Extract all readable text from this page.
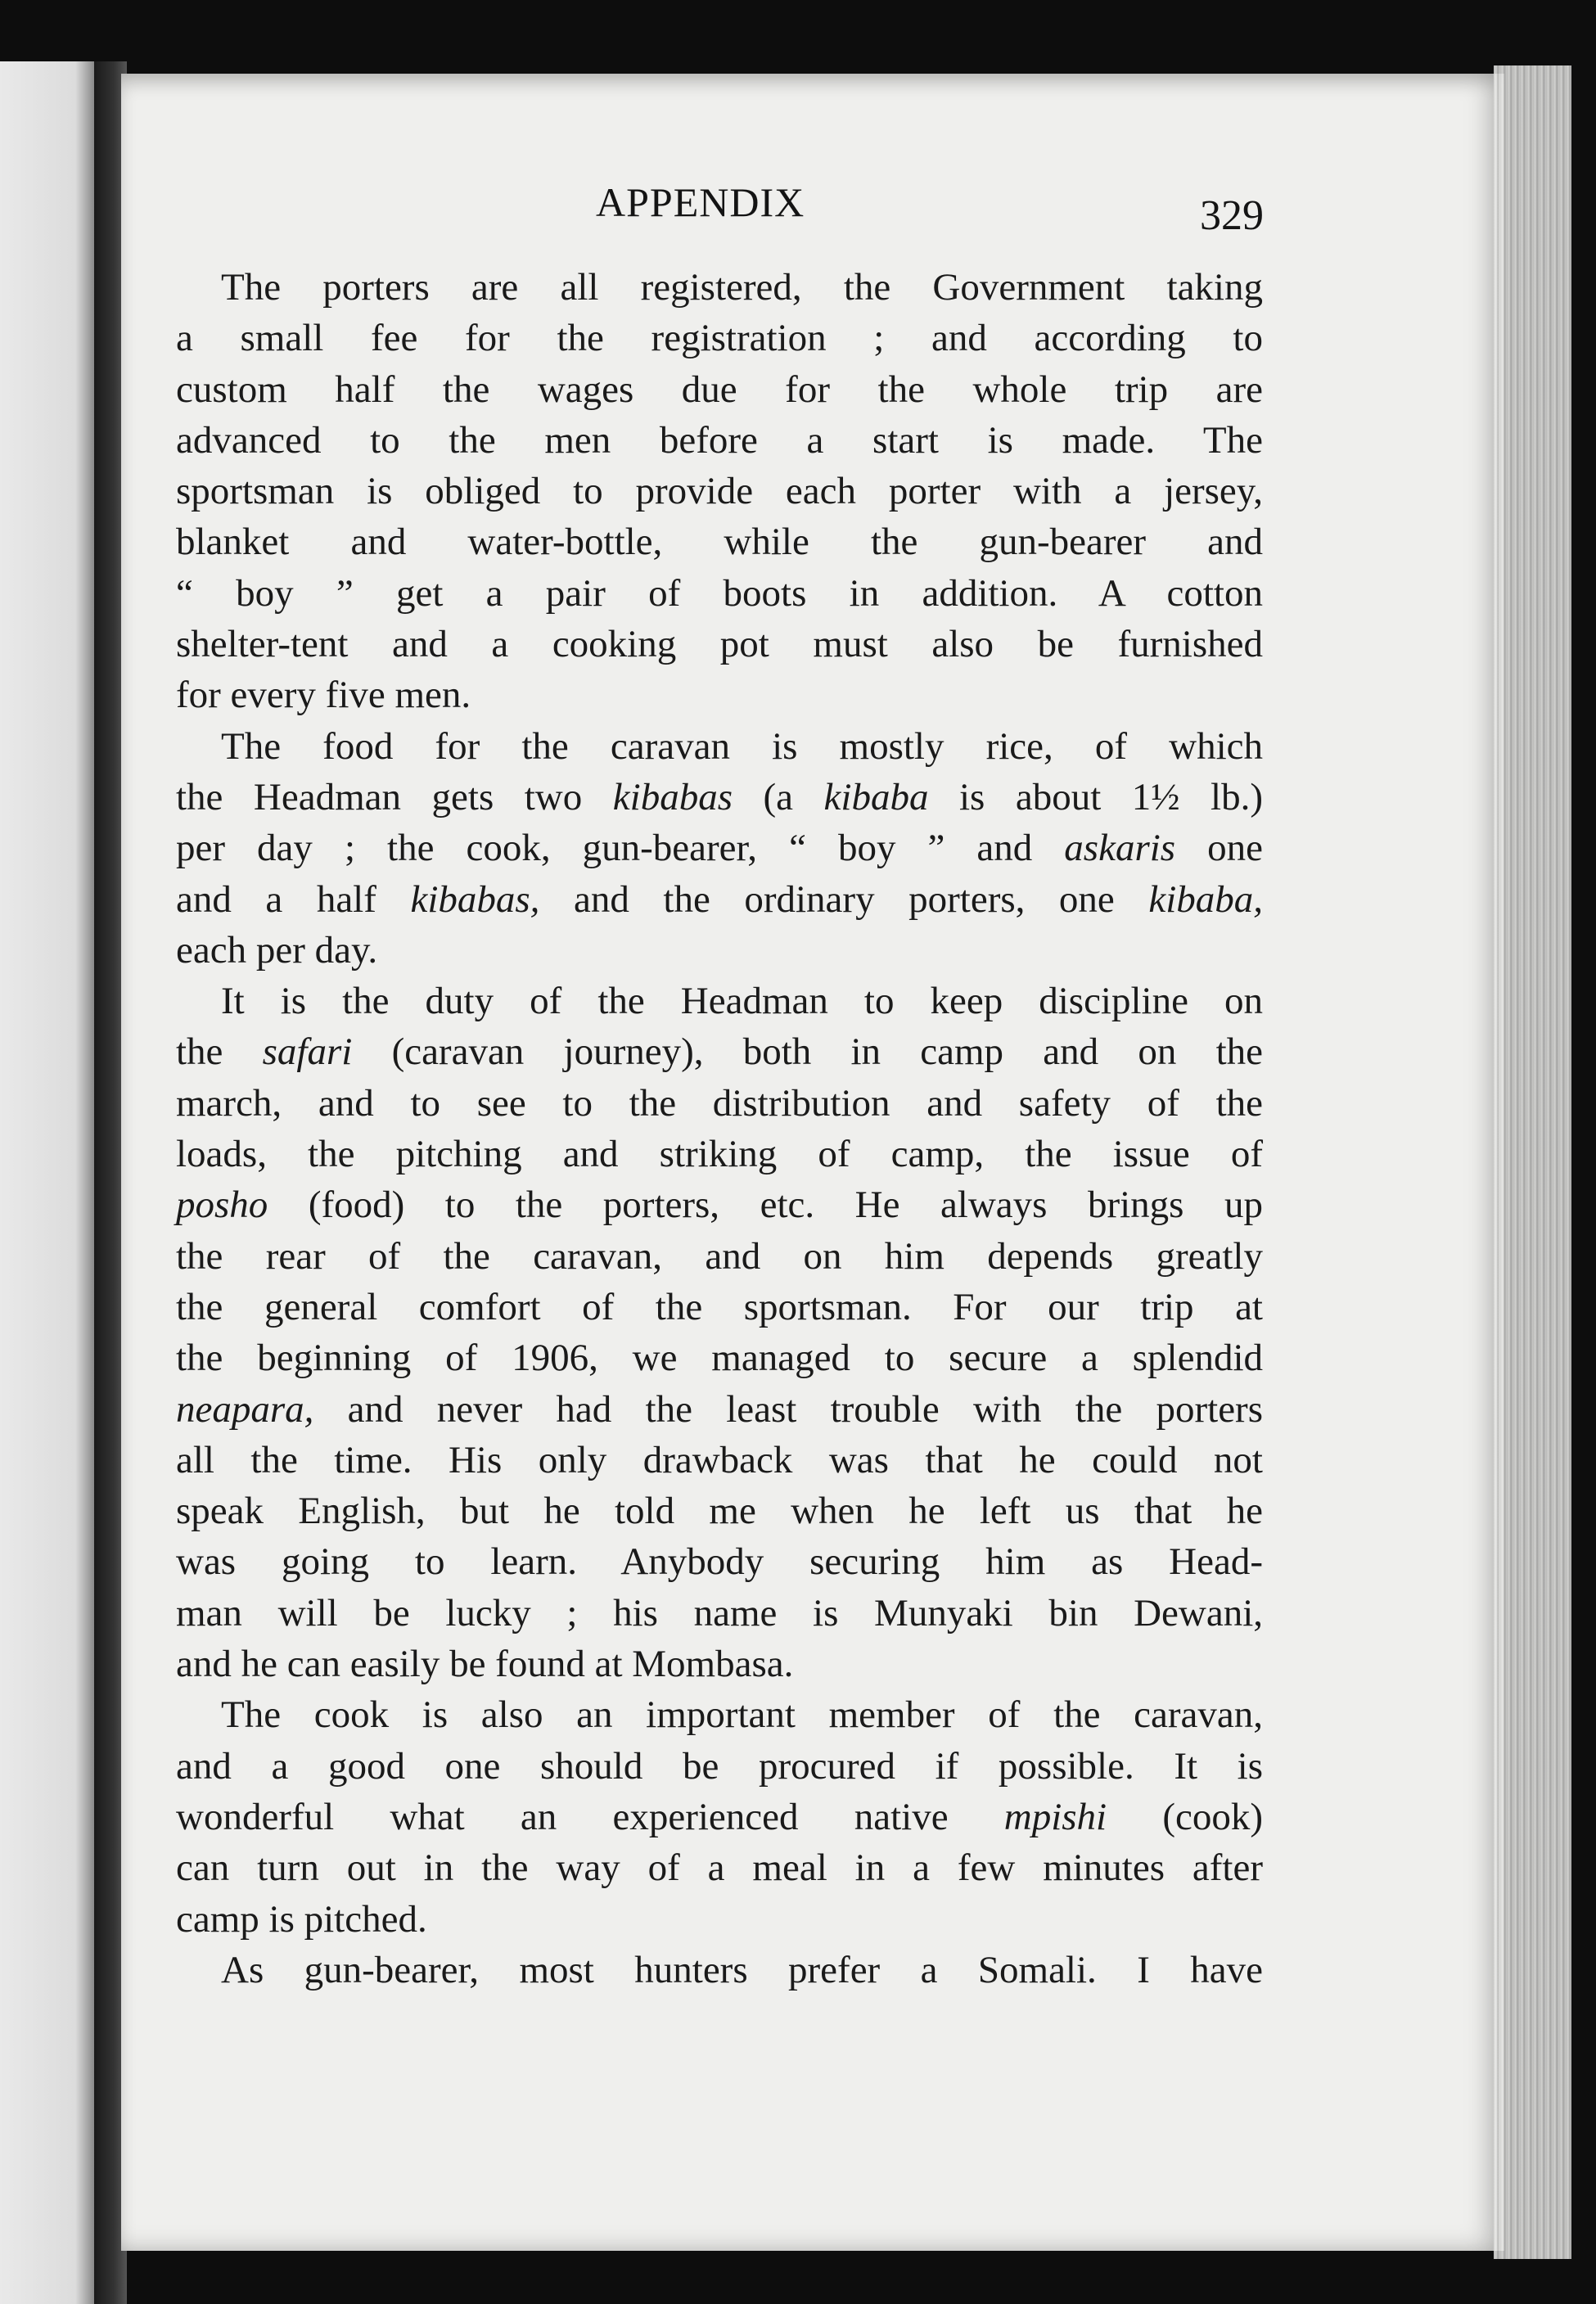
APPENDIX	329
The porters are all registered, the Government taking
a small fee for the registration ; and according to
custom half the wages due for the whole trip are
advanced to the men before a start is made. The
sportsman is obliged to provide each porter with a jersey,
blanket and water-bottle, while the gun-bearer and
“ boy ” get a pair of boots in addition. A cotton
shelter-tent and a cooking pot must also be furnished
for every five men.
The food for the caravan is mostly rice, of which
the Headman gets two kibabas (a kibaba is about 1½ lb.)
per day ; the cook, gun-bearer, “ boy ” and askaris one
and a half kibabas, and the ordinary porters, one kibaba,
each per day.
It is the duty of the Headman to keep discipline on
the safari (caravan journey), both in camp and on the
march, and to see to the distribution and safety of the
loads, the pitching and striking of camp, the issue of
posho (food) to the porters, etc. He always brings up
the rear of the caravan, and on him depends greatly
the general comfort of the sportsman. For our trip at
the beginning of 1906, we managed to secure a splendid
neapara, and never had the least trouble with the porters
all the time. His only drawback was that he could not
speak English, but he told me when he left us that he
was going to learn. Anybody securing him as Head-
man will be lucky ; his name is Munyaki bin Dewani,
and he can easily be found at Mombasa.
The cook is also an important member of the caravan,
and a good one should be procured if possible. It is
wonderful what an experienced native mpishi (cook)
can turn out in the way of a meal in a few minutes after
camp is pitched.
As gun-bearer, most hunters prefer a Somali. I have
